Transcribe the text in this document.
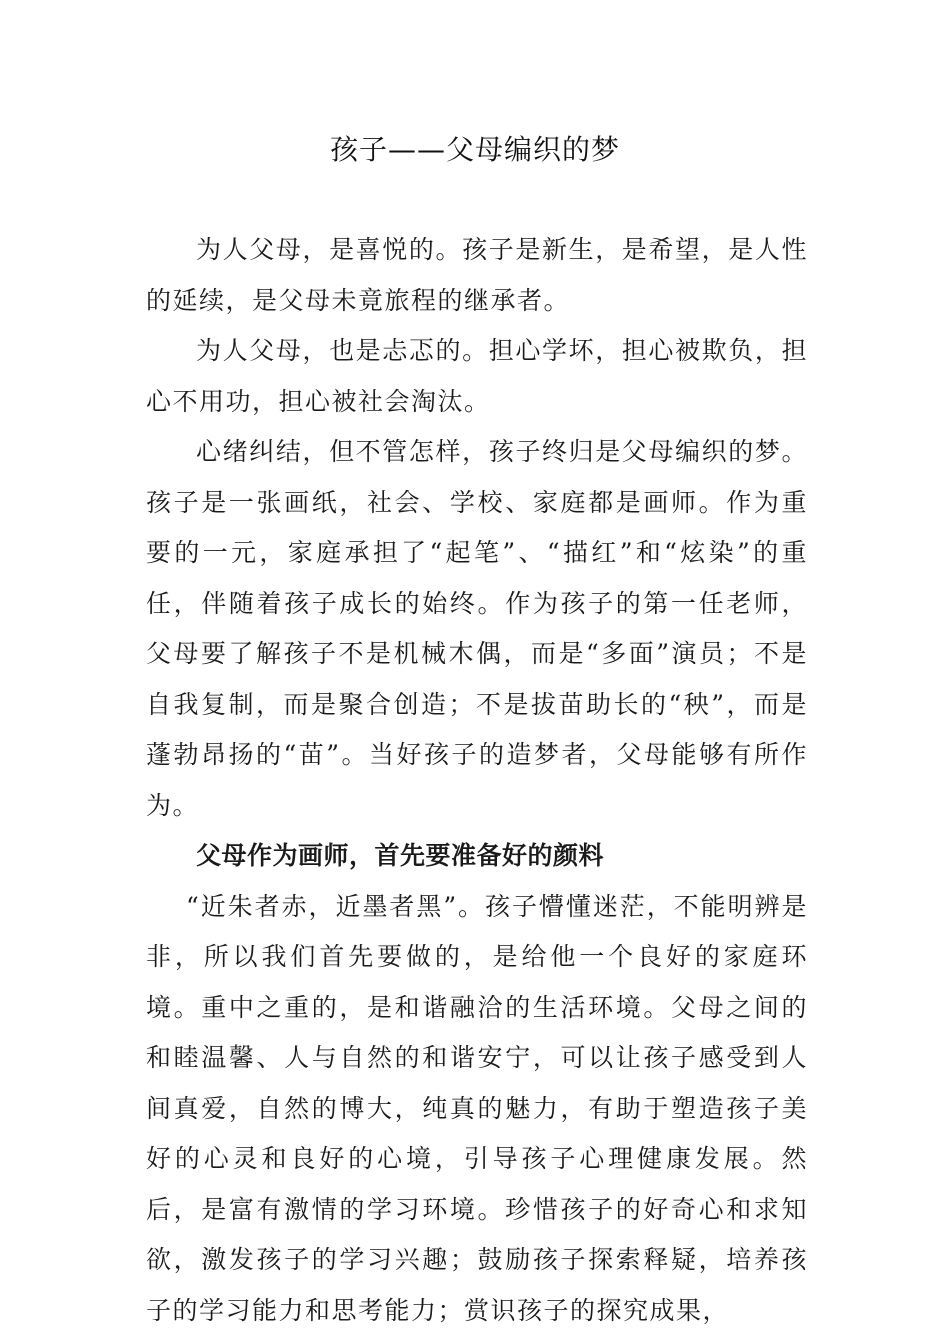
孩子——父母编织的梦

为人父母，是喜悦的。孩子是新生，是希望，是人性的延续，是父母未竟旅程的继承者。

为人父母，也是忐忑的。担心学坏，担心被欺负，担心不用功，担心被社会淘汰。

心绪纠结，但不管怎样，孩子终归是父母编织的梦。孩子是一张画纸，社会、学校、家庭都是画师。作为重要的一元，家庭承担了“起笔”、“描红”和“炫染”的重任，伴随着孩子成长的始终。作为孩子的第一任老师，父母要了解孩子不是机械木偶，而是“多面”演员；不是自我复制，而是聚合创造；不是拔苗助长的“秧”，而是蓬勃昂扬的“苗”。当好孩子的造梦者，父母能够有所作为。

父母作为画师，首先要准备好的颜料

“近朱者赤，近墨者黑”。孩子懵懂迷茫，不能明辨是非，所以我们首先要做的，是给他一个良好的家庭环境。重中之重的，是和谐融洽的生活环境。父母之间的和睦温馨、人与自然的和谐安宁，可以让孩子感受到人间真爱，自然的博大，纯真的魅力，有助于塑造孩子美好的心灵和良好的心境，引导孩子心理健康发展。然后，是富有激情的学习环境。珍惜孩子的好奇心和求知欲，激发孩子的学习兴趣；鼓励孩子探索释疑，培养孩子的学习能力和思考能力；赏识孩子的探究成果，
